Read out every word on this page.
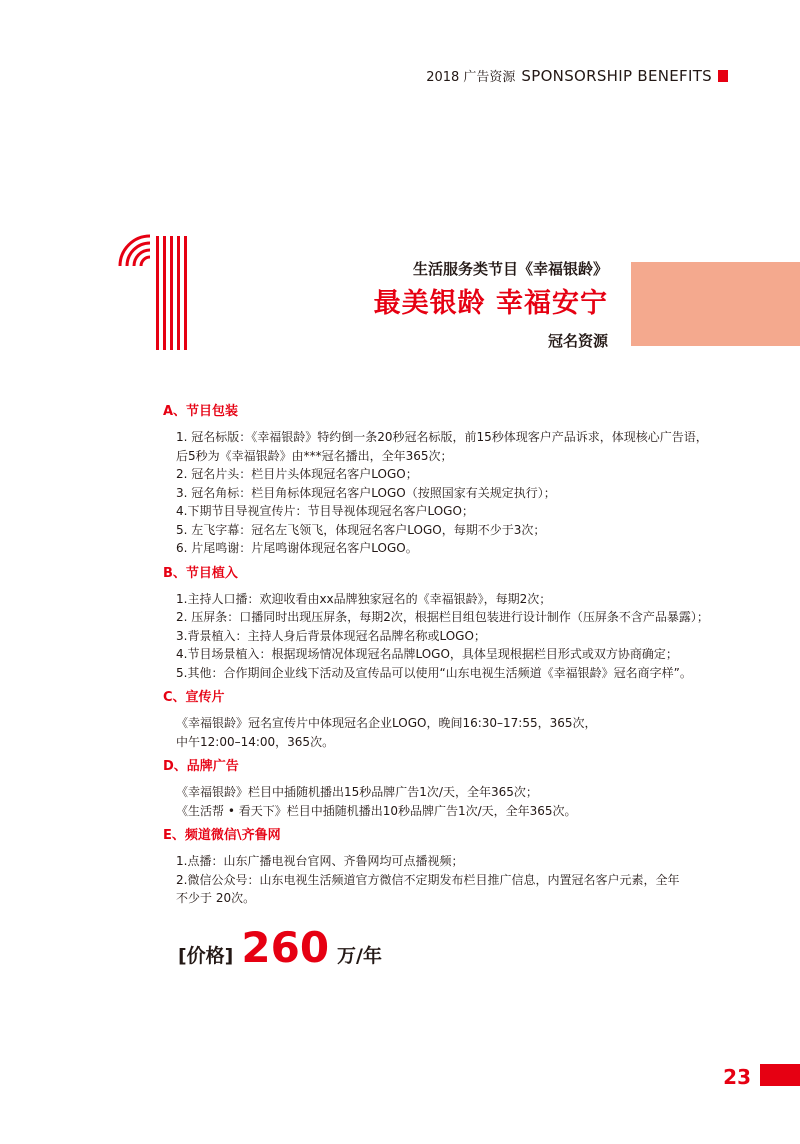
2018 广告资源 SPONSORSHIP BENEFITS
生活服务类节目《幸福银龄》
最美银龄 幸福安宁
冠名资源
A、节目包装
1. 冠名标版：《幸福银龄》特约倒一条20秒冠名标版，前15秒体现客户产品诉求，体现核心广告语，
后5秒为《幸福银龄》由***冠名播出，全年365次；
2. 冠名片头：栏目片头体现冠名客户LOGO；
3. 冠名角标：栏目角标体现冠名客户LOGO（按照国家有关规定执行）；
4.下期节目导视宣传片：节目导视体现冠名客户LOGO；
5. 左飞字幕：冠名左飞领飞，体现冠名客户LOGO，每期不少于3次；
6. 片尾鸣谢：片尾鸣谢体现冠名客户LOGO。
B、节目植入
1.主持人口播：欢迎收看由xx品牌独家冠名的《幸福银龄》，每期2次；
2. 压屏条：口播同时出现压屏条，每期2次，根据栏目组包装进行设计制作（压屏条不含产品暴露）；
3.背景植入：主持人身后背景体现冠名品牌名称或LOGO；
4.节目场景植入：根据现场情况体现冠名品牌LOGO，具体呈现根据栏目形式或双方协商确定；
5.其他：合作期间企业线下活动及宣传品可以使用“山东电视生活频道《幸福银龄》冠名商字样”。
C、宣传片
《幸福银龄》冠名宣传片中体现冠名企业LOGO，晚间16:30–17:55，365次，
中午12:00–14:00，365次。
D、品牌广告
《幸福银龄》栏目中插随机播出15秒品牌广告1次/天，全年365次；
《生活帮 • 看天下》栏目中插随机播出10秒品牌广告1次/天，全年365次。
E、频道微信\齐鲁网
1.点播：山东广播电视台官网、齐鲁网均可点播视频；
2.微信公众号：山东电视生活频道官方微信不定期发布栏目推广信息，内置冠名客户元素，全年
不少于 20次。
[价格] 260 万/年
23
